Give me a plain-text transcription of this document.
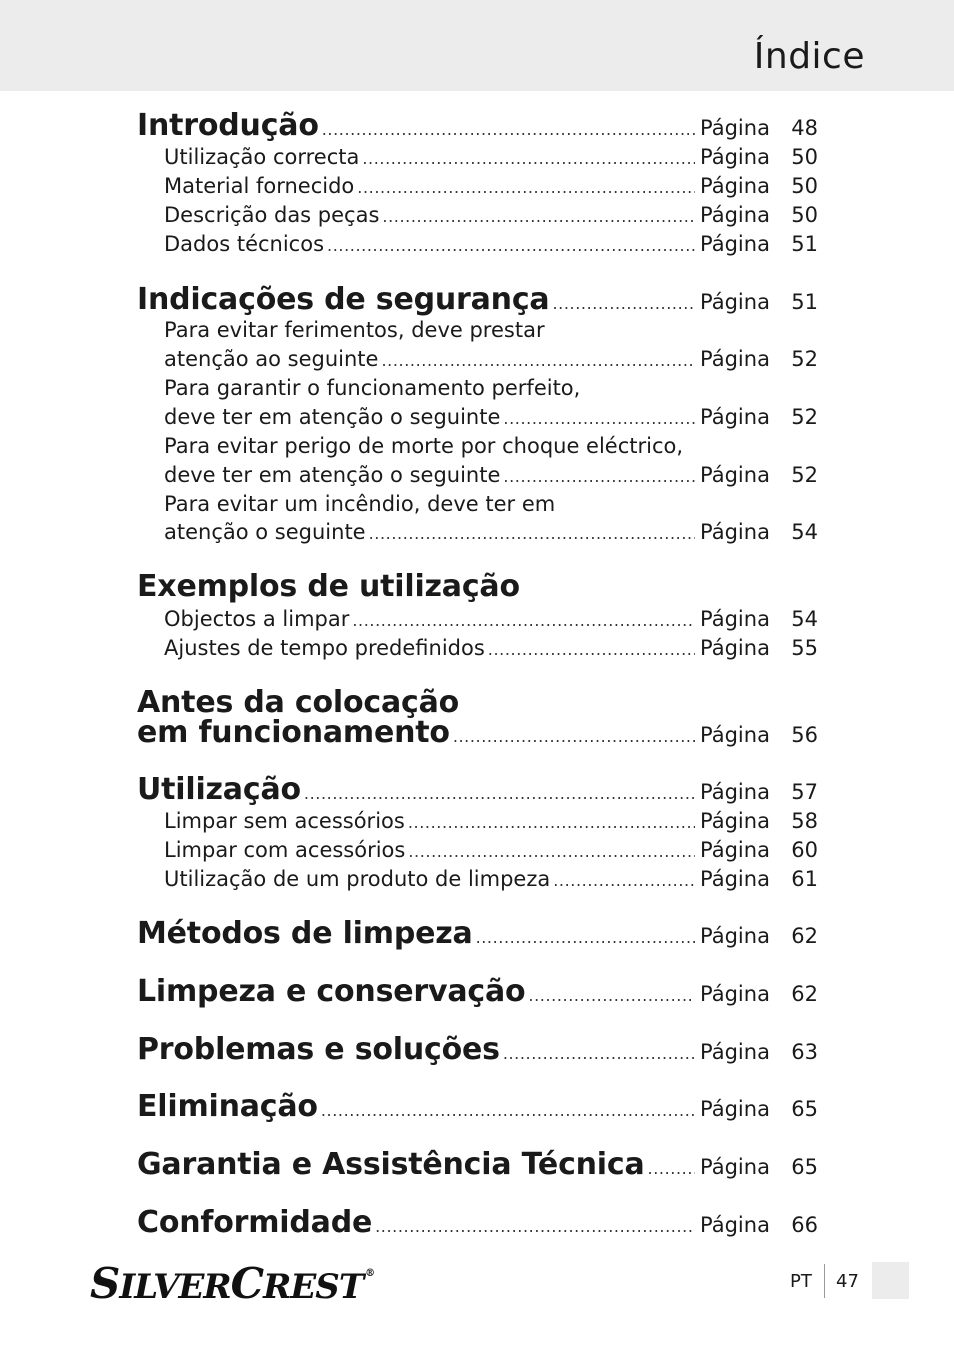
Índice
Introdução .....	Página	48
Utilização correcta .....	Página	50
Material fornecido .....	Página	50
Descrição das peças .....	Página	50
Dados técnicos .....	Página	51
Indicações de segurança .....	Página	51
Para evitar ferimentos, deve prestar
atenção ao seguinte .....	Página	52
Para garantir o funcionamento perfeito,
deve ter em atenção o seguinte .....	Página	52
Para evitar perigo de morte por choque eléctrico,
deve ter em atenção o seguinte .....	Página	52
Para evitar um incêndio, deve ter em
atenção o seguinte .....	Página	54
Exemplos de utilização
Objectos a limpar .....	Página	54
Ajustes de tempo predefinidos .....	Página	55
Antes da colocação
em funcionamento .....	Página	56
Utilização .....	Página	57
Limpar sem acessórios .....	Página	58
Limpar com acessórios .....	Página	60
Utilização de um produto de limpeza .....	Página	61
Métodos de limpeza .....	Página	62
Limpeza e conservação .....	Página	62
Problemas e soluções .....	Página	63
Eliminação .....	Página	65
Garantia e Assistência Técnica .....	Página	65
Conformidade .....	Página	66
SILVERCREST ®	PT 47
